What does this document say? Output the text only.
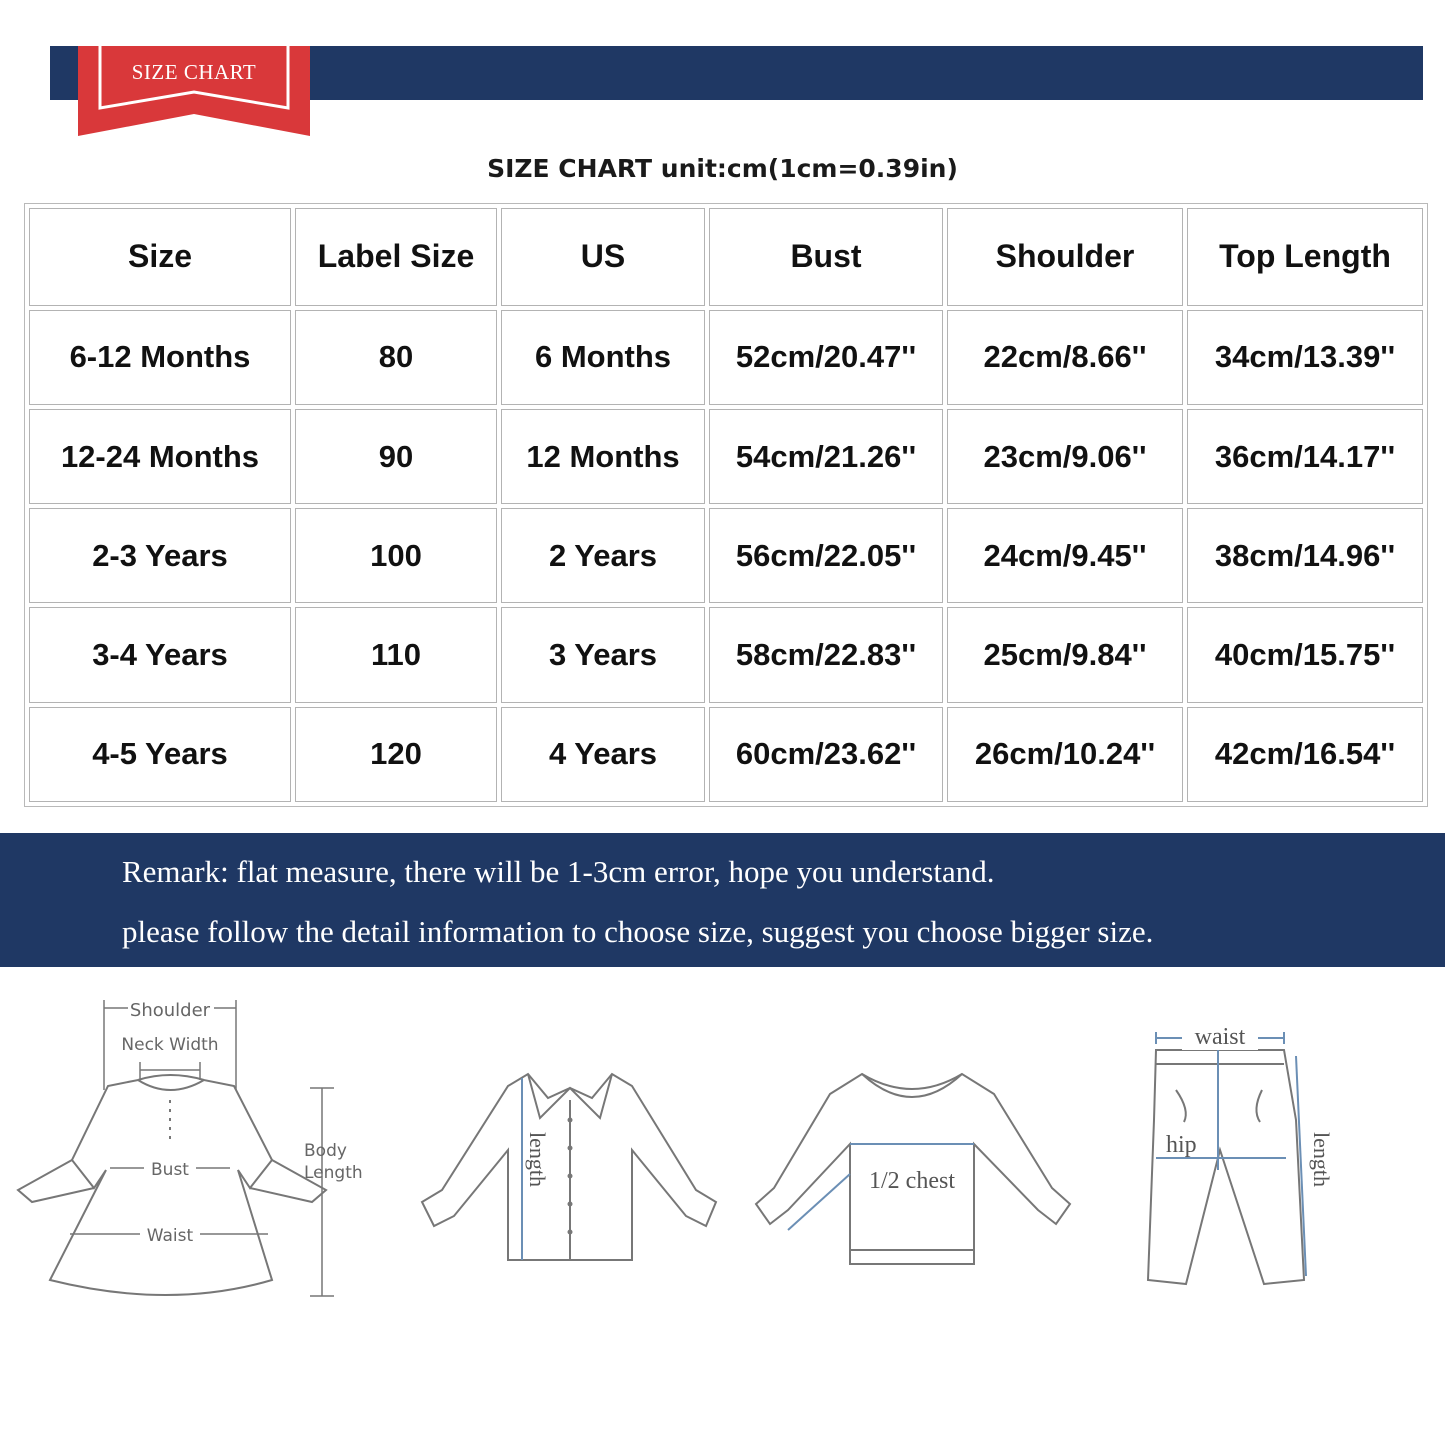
SIZE CHART
SIZE CHART unit:cm(1cm=0.39in)
Size	Label Size	US	Bust	Shoulder	Top Length
6-12 Months	80	6 Months	52cm/20.47''	22cm/8.66''	34cm/13.39''
12-24 Months	90	12 Months	54cm/21.26''	23cm/9.06''	36cm/14.17''
2-3 Years	100	2 Years	56cm/22.05''	24cm/9.45''	38cm/14.96''
3-4 Years	110	3 Years	58cm/22.83''	25cm/9.84''	40cm/15.75''
4-5 Years	120	4 Years	60cm/23.62''	26cm/10.24''	42cm/16.54''
Remark: flat measure, there will be 1-3cm error, hope you understand.
please follow the detail information to choose size, suggest you choose bigger size.
Shoulder
Neck Width
Bust
Waist
Body
Length	length	1/2 chest
waist
hip	length
